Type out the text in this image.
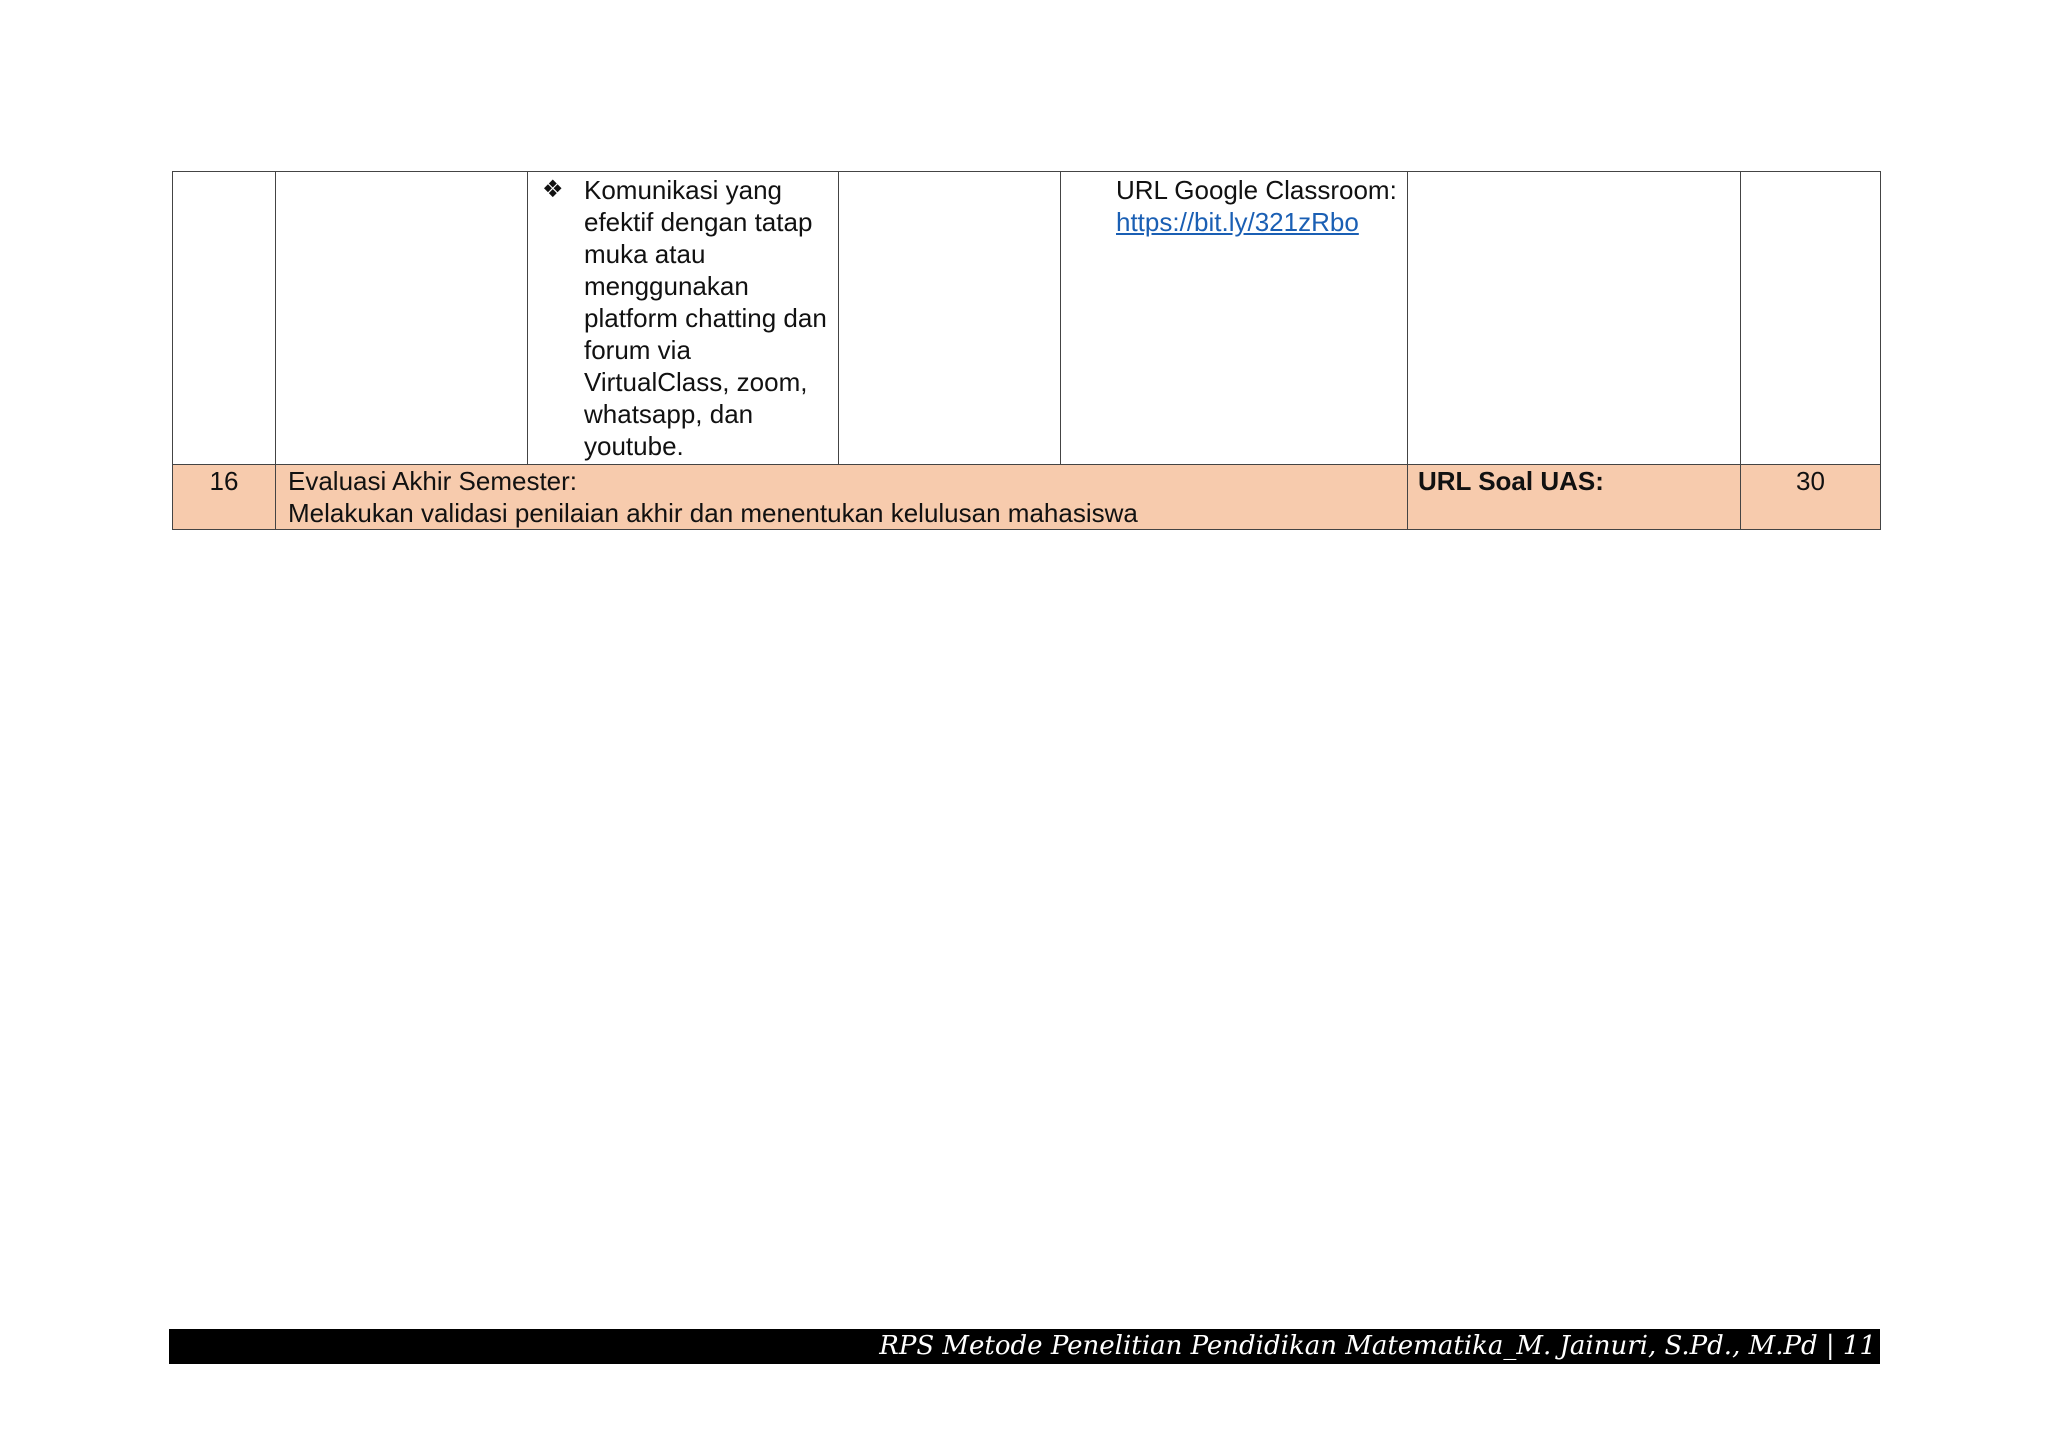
		❖ Komunikasi yang efektif dengan tatap muka atau menggunakan platform chatting dan forum via VirtualClass, zoom, whatsapp, dan youtube.		URL Google Classroom:
https://bit.ly/321zRbo		
16	Evaluasi Akhir Semester:
Melakukan validasi penilaian akhir dan menentukan kelulusan mahasiswa				URL Soal UAS:	30
RPS Metode Penelitian Pendidikan Matematika_M. Jainuri, S.Pd., M.Pd | 11
